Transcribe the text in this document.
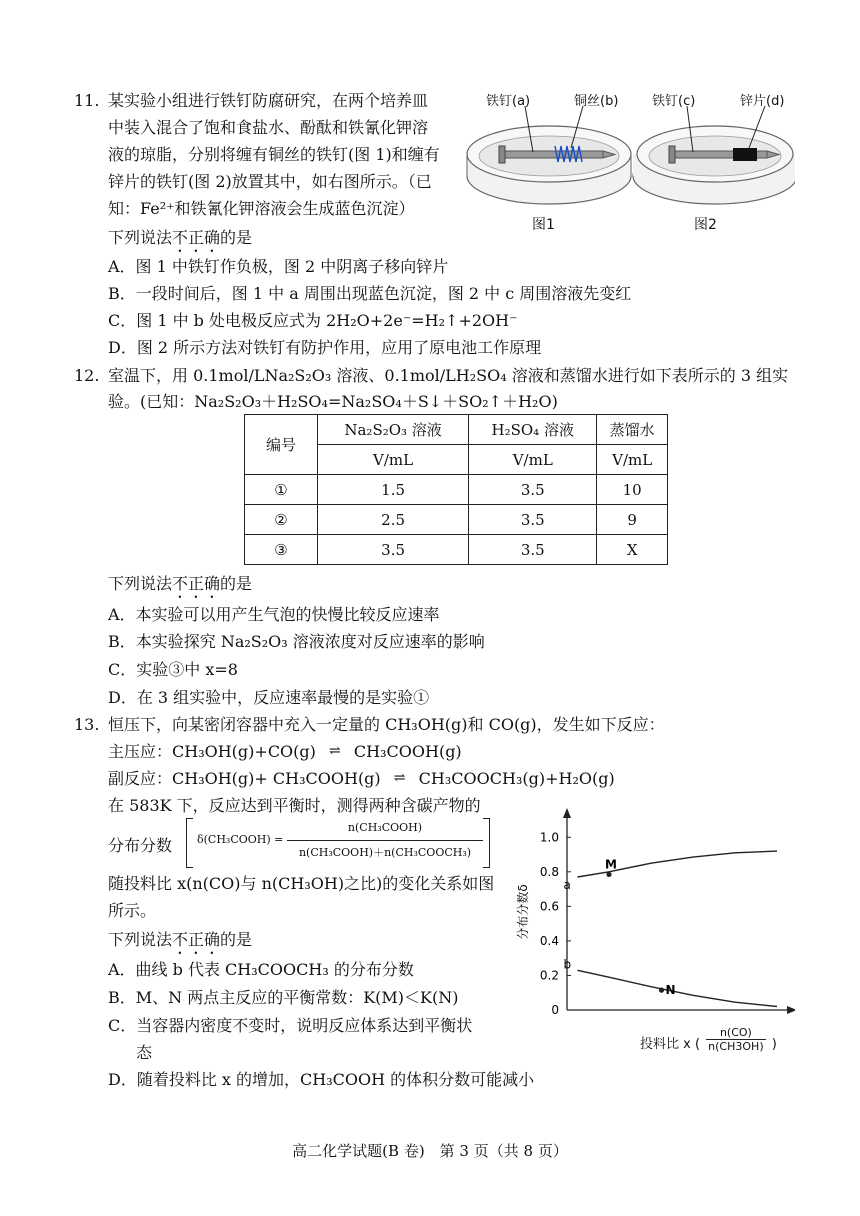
11. 某实验小组进行铁钉防腐研究，在两个培养皿
中装入混合了饱和食盐水、酚酞和铁氰化钾溶
液的琼脂，分别将缠有铜丝的铁钉(图 1)和缠有
锌片的铁钉(图 2)放置其中，如右图所示。（已
知：Fe²⁺和铁氰化钾溶液会生成蓝色沉淀）
下列说法不正确的是
A．图 1 中铁钉作负极，图 2 中阴离子移向锌片
B．一段时间后，图 1 中 a 周围出现蓝色沉淀，图 2 中 c 周围溶液先变红
C．图 1 中 b 处电极反应式为 2H₂O+2e⁻=H₂↑+2OH⁻
D．图 2 所示方法对铁钉有防护作用，应用了原电池工作原理
铁钉(a)	铜丝(b)	铁钉(c)	锌片(d)
图1	图2
12. 室温下，用 0.1mol/LNa₂S₂O₃ 溶液、0.1mol/LH₂SO₄ 溶液和蒸馏水进行如下表所示的 3 组实
验。(已知：Na₂S₂O₃＋H₂SO₄=Na₂SO₄＋S↓＋SO₂↑＋H₂O)
编号	Na₂S₂O₃ 溶液	H₂SO₄ 溶液	蒸馏水
	V/mL	V/mL	V/mL
①	1.5	3.5	10
②	2.5	3.5	9
③	3.5	3.5	X
下列说法不正确的是
A．本实验可以用产生气泡的快慢比较反应速率
B．本实验探究 Na₂S₂O₃ 溶液浓度对反应速率的影响
C．实验③中 x=8
D．在 3 组实验中，反应速率最慢的是实验①
13. 恒压下，向某密闭容器中充入一定量的 CH₃OH(g)和 CO(g)，发生如下反应：
主压应：CH₃OH(g)+CO(g) ⇌ CH₃COOH(g)
副反应：CH₃OH(g)+ CH₃COOH(g) ⇌ CH₃COOCH₃(g)+H₂O(g)
在 583K 下，反应达到平衡时，测得两种含碳产物的
分布分数 δ(CH₃COOH) =
n(CH₃COOH)
n(CH₃COOH)＋n(CH₃COOCH₃)
随投料比 x(n(CO)与 n(CH₃OH)之比)的变化关系如图
所示。
下列说法不正确的是
A．曲线 b 代表 CH₃COOCH₃ 的分布分数
B．M、N 两点主反应的平衡常数：K(M)＜K(N)
C．当容器内密度不变时，说明反应体系达到平衡状
态
D．随着投料比 x 的增加，CH₃COOH 的体积分数可能减小
0
0.2
0.4
0.6
0.8
1.0
a
b
M
N
分布分数δ
投料比 x ( $\frac{n(CO)}{n(CH3OH)}$ )
高二化学试题(B 卷)　第 3 页（共 8 页）
